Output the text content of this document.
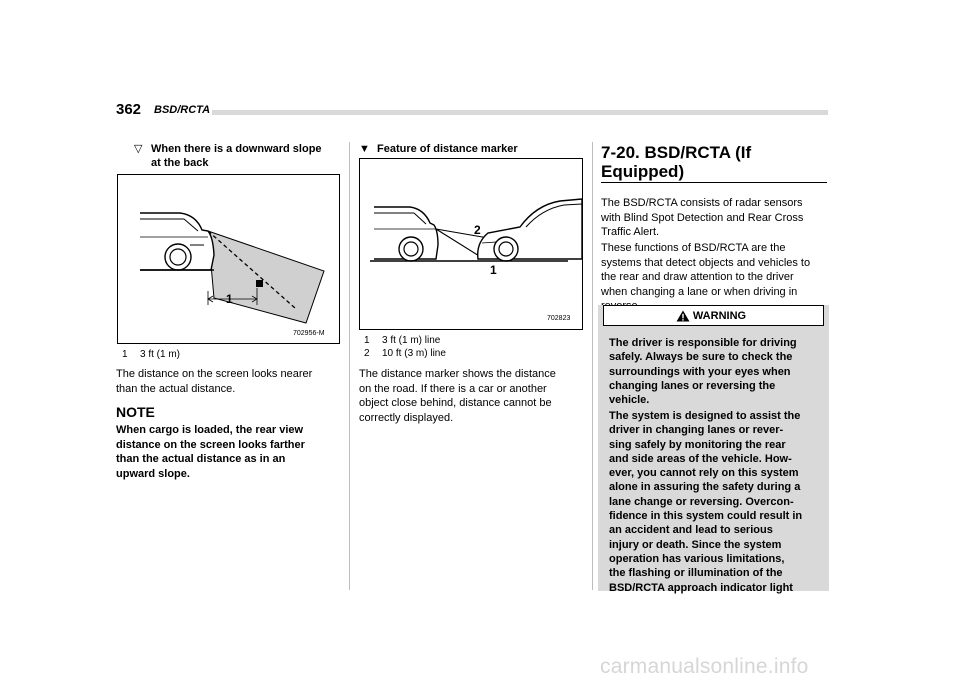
362 BSD/RCTA
▽ When there is a downward slope
at the back
1
702956-M
1 3 ft (1 m)
The distance on the screen looks nearer
than the actual distance.
NOTE
When cargo is loaded, the rear view
distance on the screen looks farther
than the actual distance as in an
upward slope.
▼ Feature of distance marker
2
1
702823
1 3 ft (1 m) line
2 10 ft (3 m) line
The distance marker shows the distance
on the road. If there is a car or another
object close behind, distance cannot be
correctly displayed.
7-20. BSD/RCTA (If
Equipped)
The BSD/RCTA consists of radar sensors
with Blind Spot Detection and Rear Cross
Traffic Alert.
These functions of BSD/RCTA are the
systems that detect objects and vehicles to
the rear and draw attention to the driver
when changing a lane or when driving in
WARNING
The driver is responsible for driving
safely. Always be sure to check the
surroundings with your eyes when
changing lanes or reversing the
vehicle.
The system is designed to assist the
driver in changing lanes or rever-
sing safely by monitoring the rear
and side areas of the vehicle. How-
ever, you cannot rely on this system
alone in assuring the safety during a
lane change or reversing. Overcon-
fidence in this system could result in
an accident and lead to serious
injury or death. Since the system
operation has various limitations,
the flashing or illumination of the
BSD/RCTA approach indicator light
carmanualsonline.info
